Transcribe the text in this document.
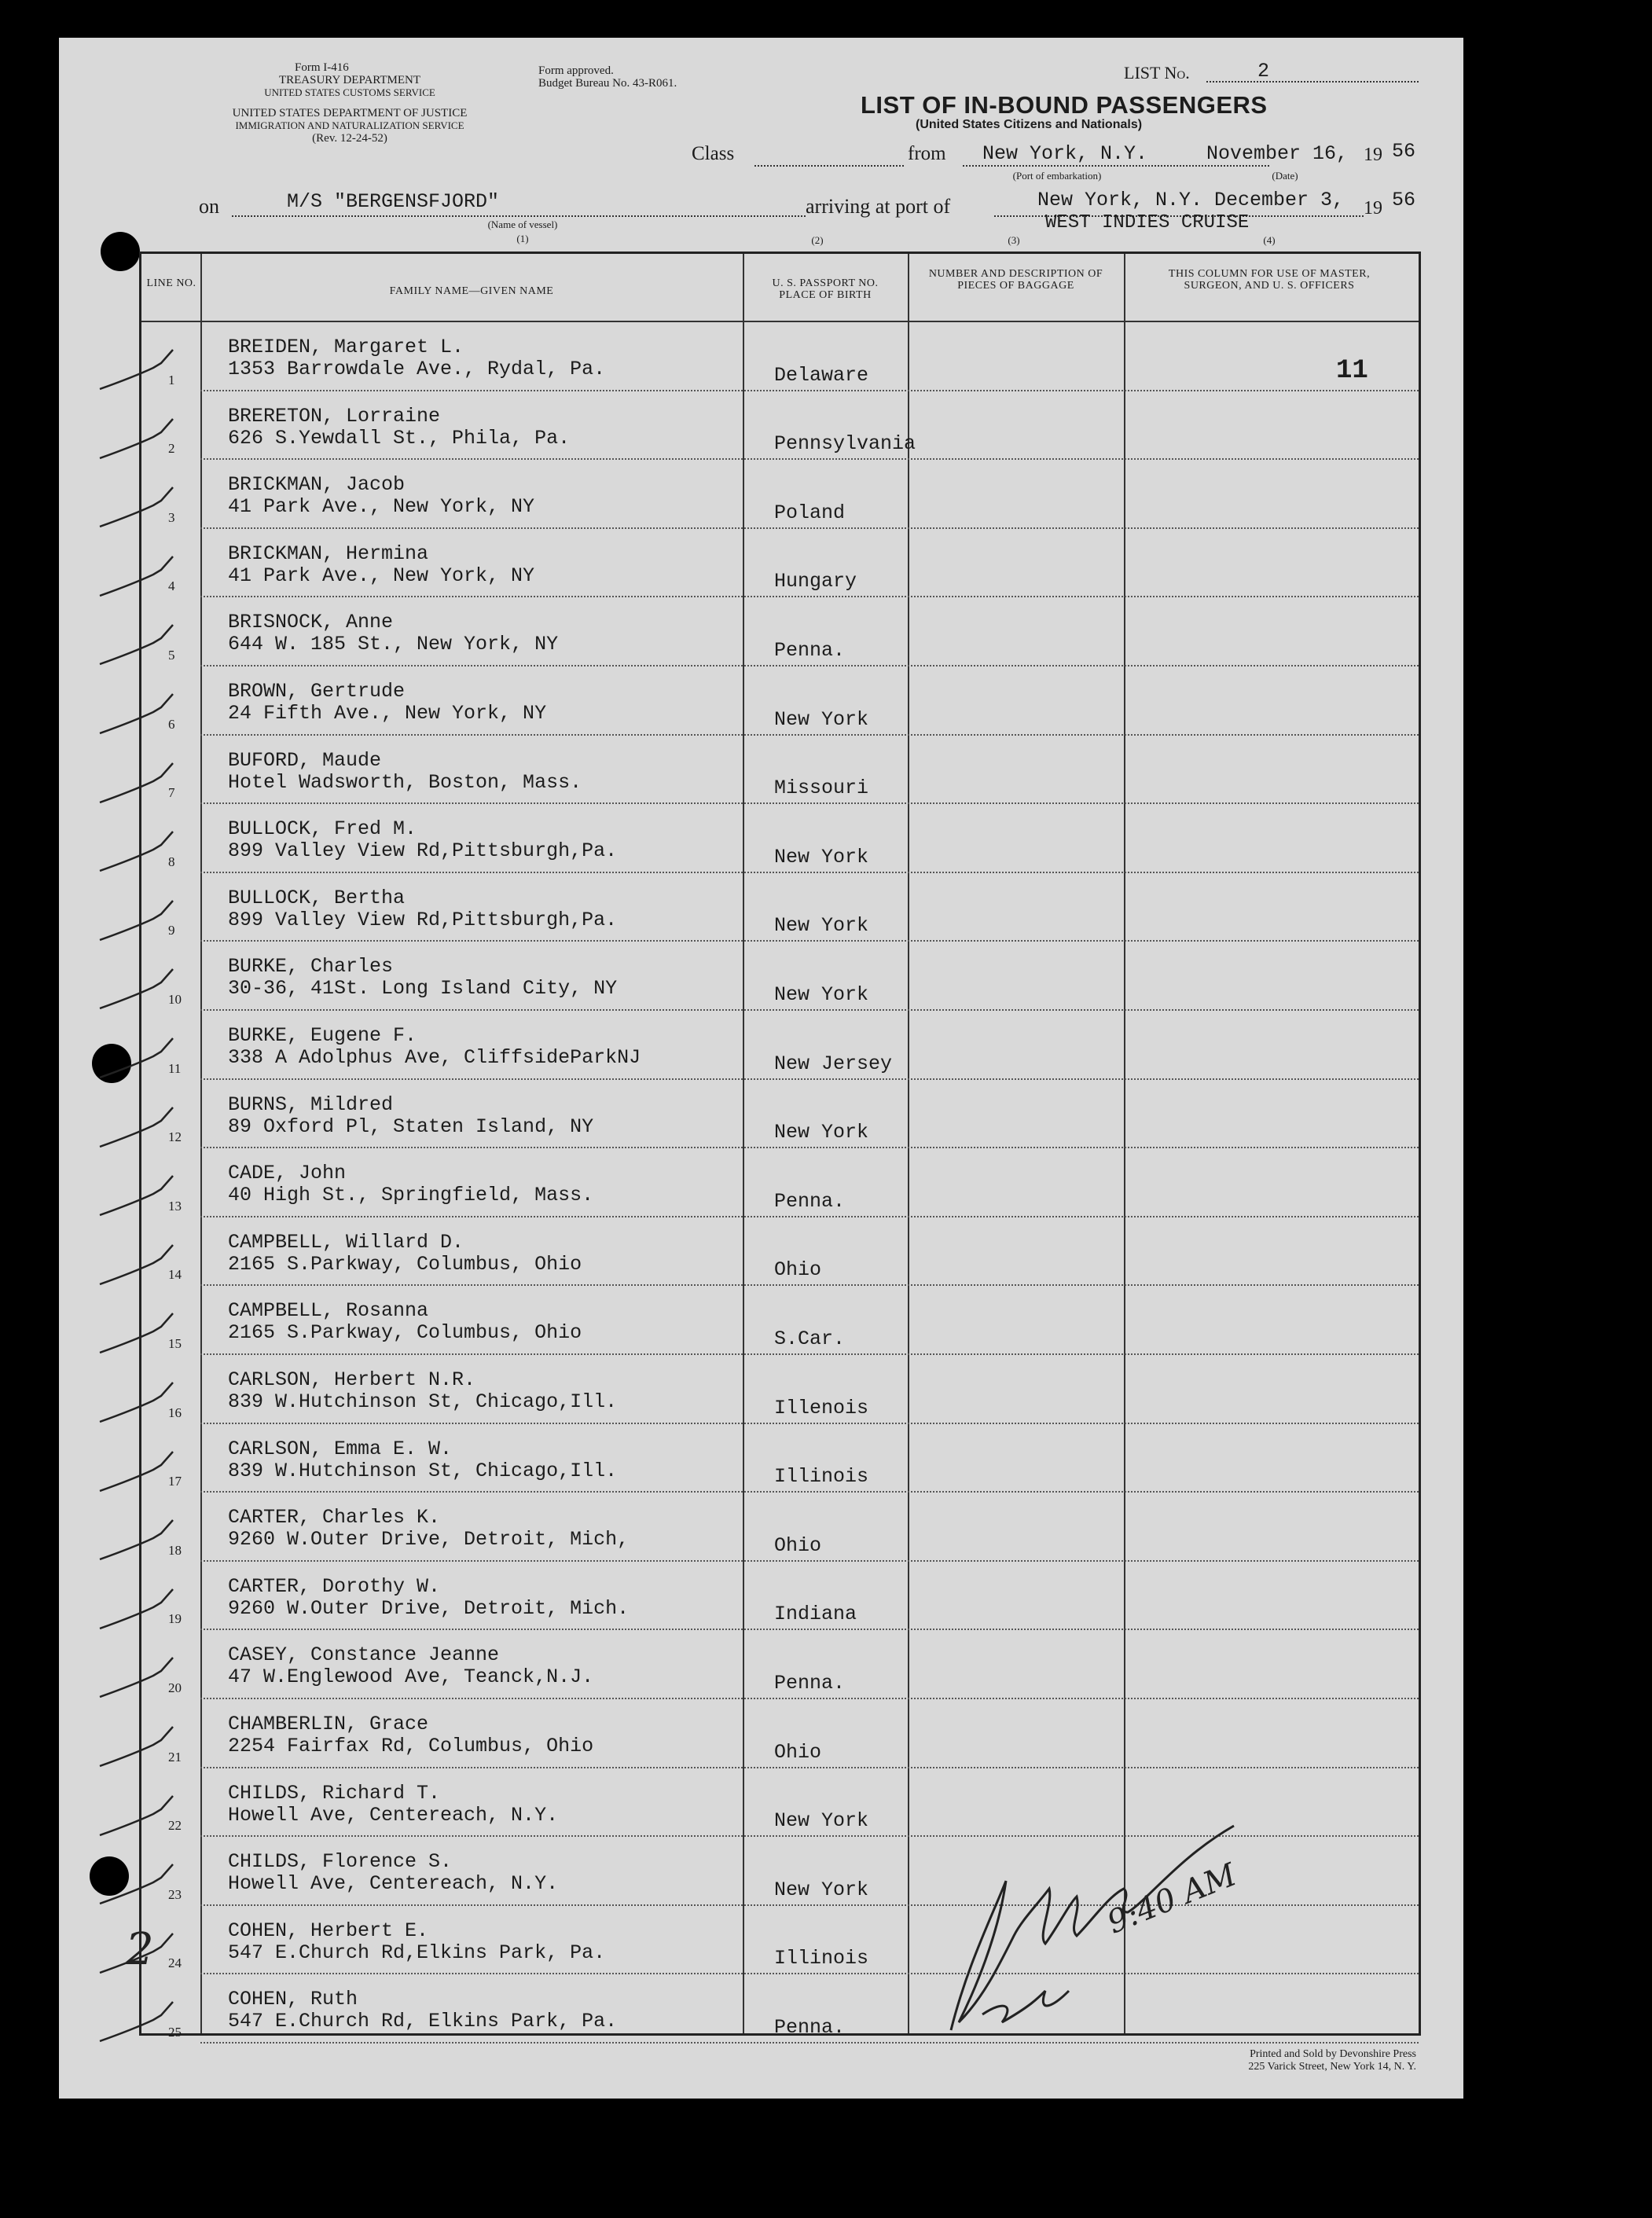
Form I-416
TREASURY DEPARTMENT
UNITED STATES CUSTOMS SERVICE
UNITED STATES DEPARTMENT OF JUSTICE
IMMIGRATION AND NATURALIZATION SERVICE
(Rev. 12-24-52)
Form approved.
Budget Bureau No. 43-R061.
LIST No.	2
LIST OF IN-BOUND PASSENGERS
(United States Citizens and Nationals)
Class	from New York, N.Y.	November 16, 19 56
(Port of embarkation)	(Date)
on	M/S "BERGENSFJORD"
(Name of vessel)
(1)
arriving at port of	New York, N.Y. December 3, 19 56
WEST INDIES CRUISE
(2)	(3)	(4)
2
Printed and Sold by Devonshire Press
225 Varick Street, New York 14, N. Y.
LINE NO.
FAMILY NAME—GIVEN NAME
U. S. PASSPORT NO. PLACE OF BIRTH
NUMBER AND DESCRIPTION OF PIECES OF BAGGAGE
THIS COLUMN FOR USE OF MASTER, SURGEON, AND U. S. OFFICERS
11
1
BREIDEN, Margaret L.
1353 Barrowdale Ave., Rydal, Pa.	Delaware
2
BRERETON, Lorraine
626 S.Yewdall St., Phila, Pa.	Pennsylvania
3
BRICKMAN, Jacob
41 Park Ave., New York, NY	Poland
4
BRICKMAN, Hermina
41 Park Ave., New York, NY	Hungary
5
BRISNOCK, Anne
644 W. 185 St., New York, NY	Penna.
6
BROWN, Gertrude
24 Fifth Ave., New York, NY	New York
7
BUFORD, Maude
Hotel Wadsworth, Boston, Mass.	Missouri
8
BULLOCK, Fred M.
899 Valley View Rd,Pittsburgh,Pa.	New York
9
BULLOCK, Bertha
899 Valley View Rd,Pittsburgh,Pa.	New York
10
BURKE, Charles
30-36, 41St. Long Island City, NY	New York
11
BURKE, Eugene F.
338 A Adolphus Ave, CliffsideParkNJ	New Jersey
12
BURNS, Mildred
89 Oxford Pl, Staten Island, NY	New York
13
CADE, John
40 High St., Springfield, Mass.	Penna.
14
CAMPBELL, Willard D.
2165 S.Parkway, Columbus, Ohio	Ohio
15
CAMPBELL, Rosanna
2165 S.Parkway, Columbus, Ohio	S.Car.
16
CARLSON, Herbert N.R.
839 W.Hutchinson St, Chicago,Ill.	Illenois
17
CARLSON, Emma E. W.
839 W.Hutchinson St, Chicago,Ill.	Illinois
18
CARTER, Charles K.
9260 W.Outer Drive, Detroit, Mich,	Ohio
19
CARTER, Dorothy W.
9260 W.Outer Drive, Detroit, Mich.	Indiana
20
CASEY, Constance Jeanne
47 W.Englewood Ave, Teanck,N.J.	Penna.
21
CHAMBERLIN, Grace
2254 Fairfax Rd, Columbus, Ohio	Ohio
22
CHILDS, Richard T.
Howell Ave, Centereach, N.Y.	New York
23
CHILDS, Florence S.
Howell Ave, Centereach, N.Y.	New York
24
COHEN, Herbert E.
547 E.Church Rd,Elkins Park, Pa.	Illinois
25
COHEN, Ruth
547 E.Church Rd, Elkins Park, Pa.	Penna.
9:40 AM
